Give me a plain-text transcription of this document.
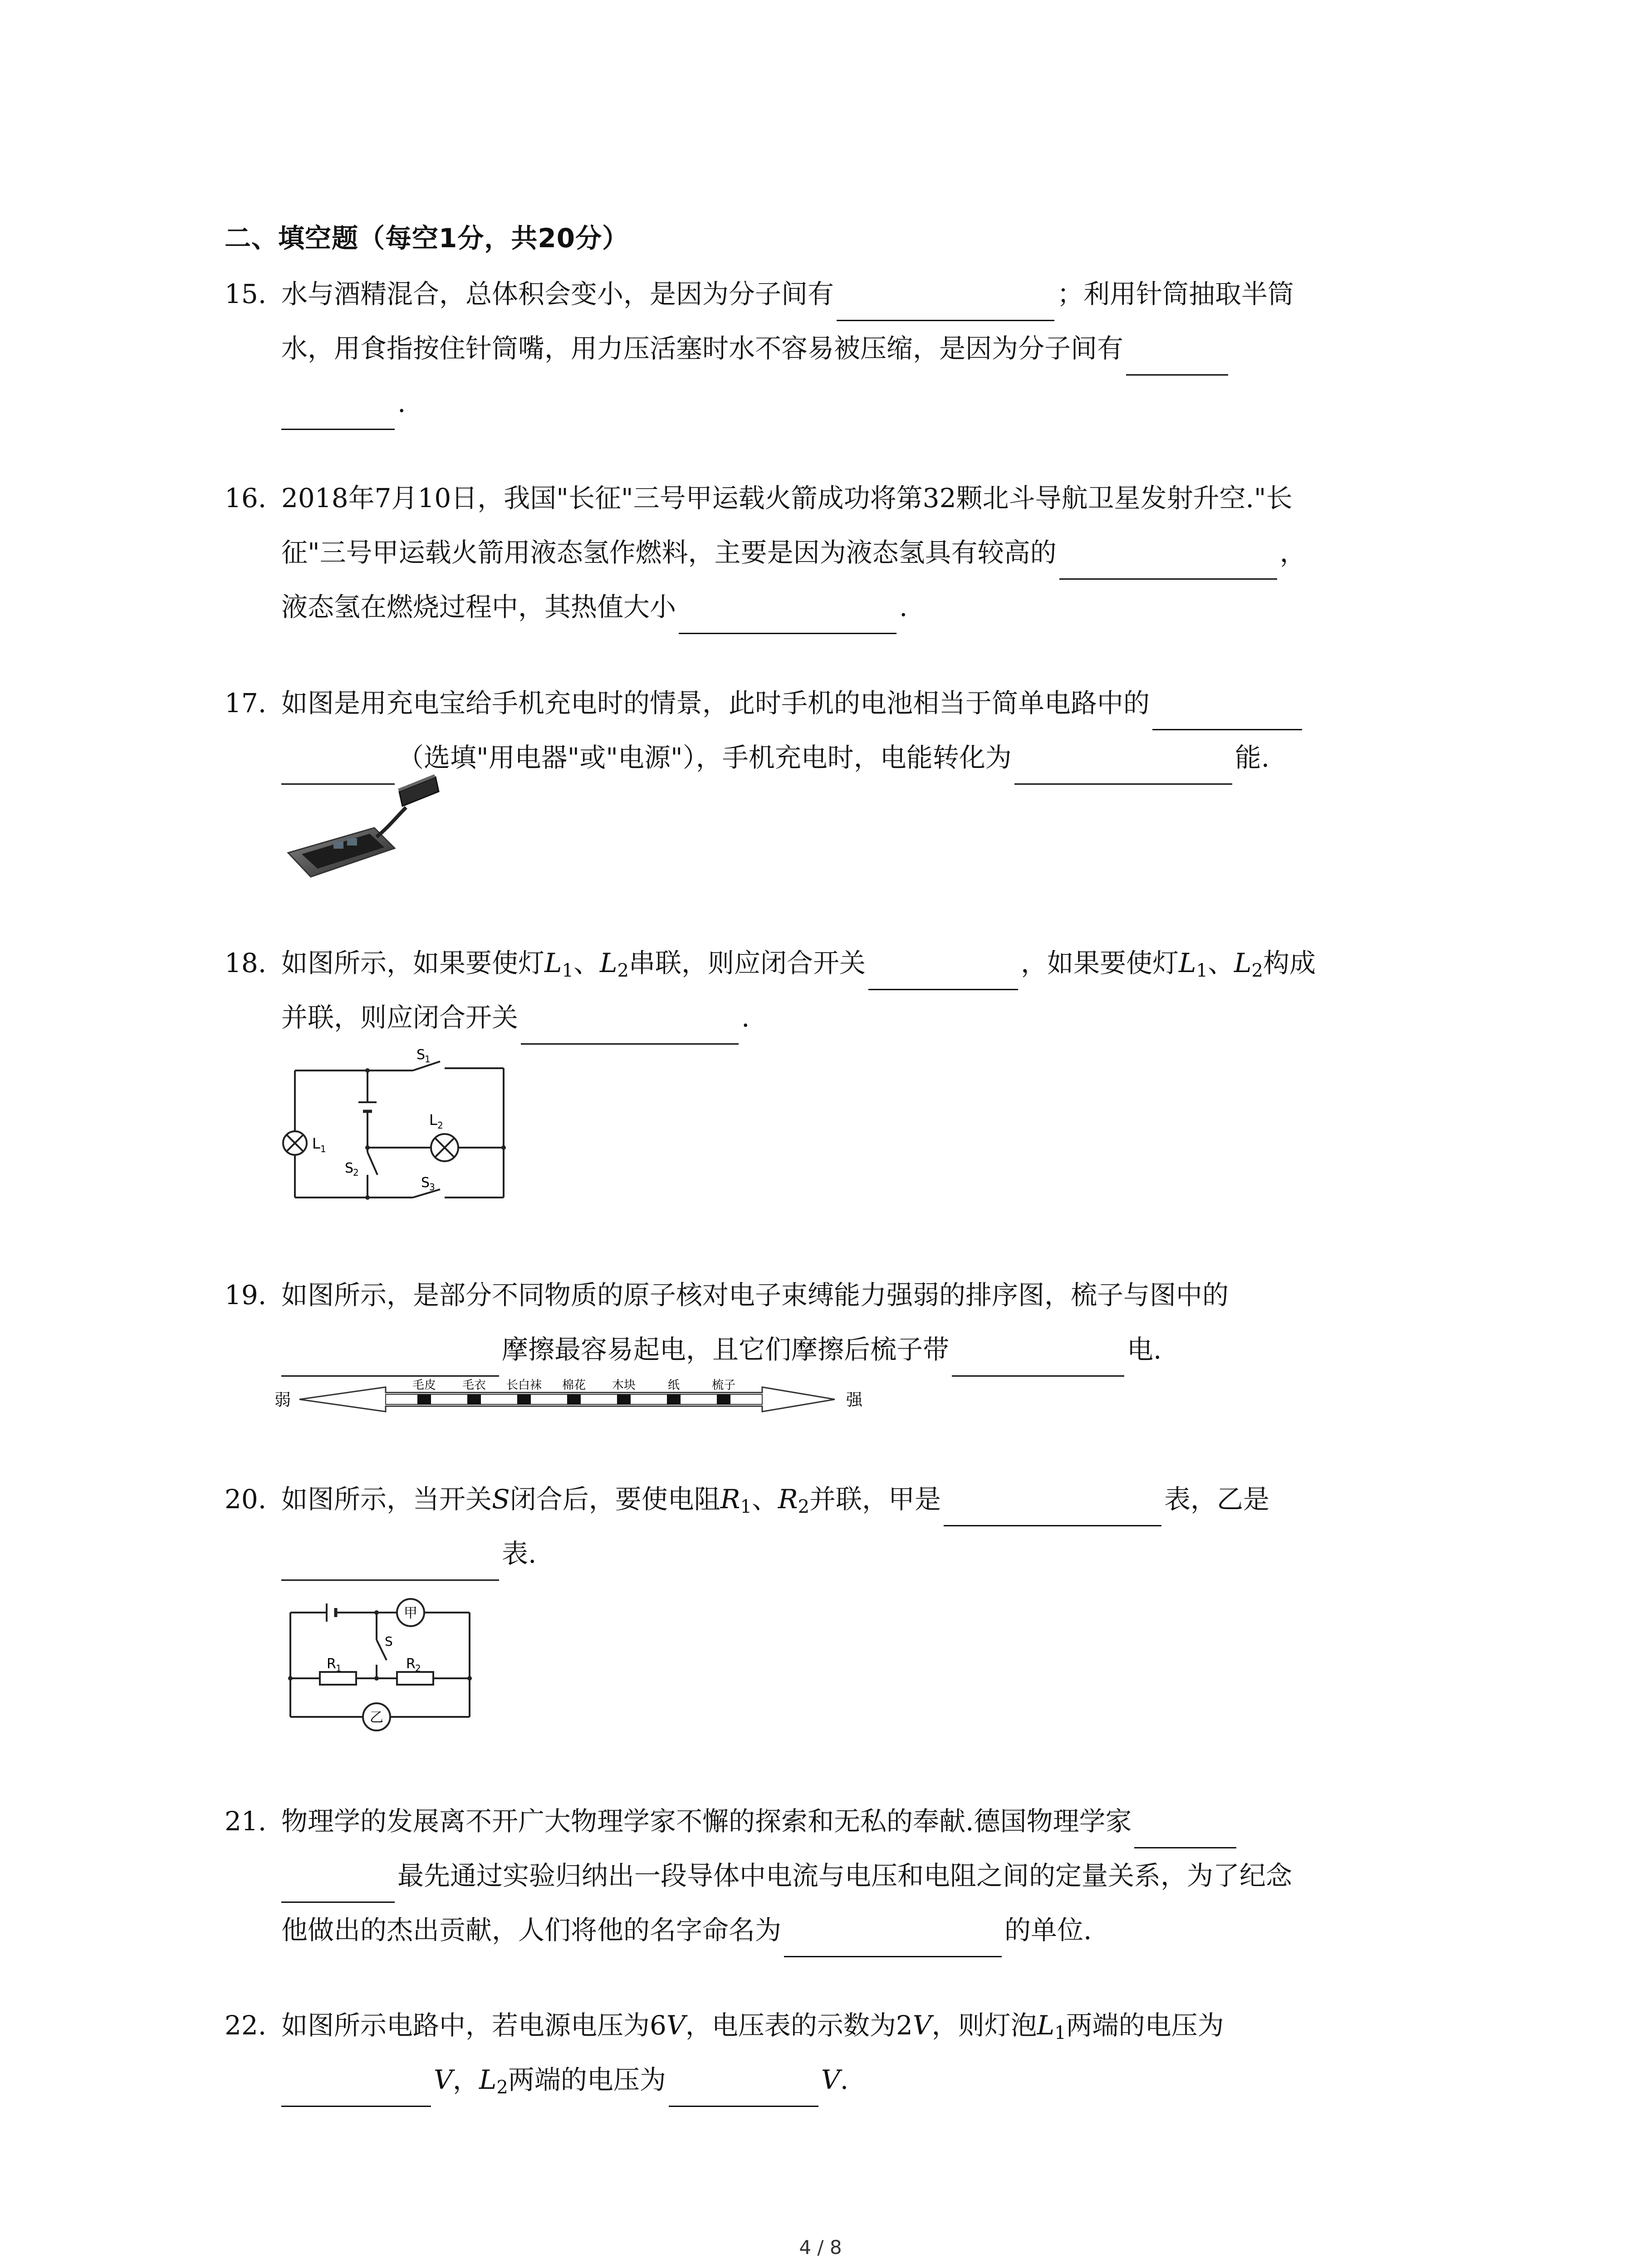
二、填空题（每空1分，共20分）
15. 水与酒精混合，总体积会变小，是因为分子间有	；利用针筒抽取半筒
水，用食指按住针筒嘴，用力压活塞时水不容易被压缩，是因为分子间有
.
16. 2018年7月10日，我国"长征"三号甲运载火箭成功将第32颗北斗导航卫星发射升空."长
征"三号甲运载火箭用液态氢作燃料，主要是因为液态氢具有较高的	，
液态氢在燃烧过程中，其热值大小	.
17. 如图是用充电宝给手机充电时的情景，此时手机的电池相当于简单电路中的
（选填"用电器"或"电源"），手机充电时，电能转化为	能.
18. 如图所示，如果要使灯$L_1$、$L_2$串联，则应闭合开关	，如果要使灯$L_1$、$L_2$构成
并联，则应闭合开关	.
S
1
S
2
S
3
L 1
L 2
19. 如图所示，是部分不同物质的原子核对电子束缚能力强弱的排序图，梳子与图中的
摩擦最容易起电，且它们摩擦后梳子带	电.
弱
毛皮 毛衣 长白袜 棉花 木块	纸	梳子
强
20. 如图所示，当开关S闭合后，要使电阻$R_1$、$R_2$并联，甲是	表，乙是
表.
甲
乙
S
R 1	R 2
21. 物理学的发展离不开广大物理学家不懈的探索和无私的奉献.德国物理学家
最先通过实验归纳出一段导体中电流与电压和电阻之间的定量关系，为了纪念
他做出的杰出贡献，人们将他的名字命名为	的单位.
22. 如图所示电路中，若电源电压为6V，电压表的示数为2V，则灯泡$L_1$两端的电压为
V，$L_2$两端的电压为	V.
4 / 8
